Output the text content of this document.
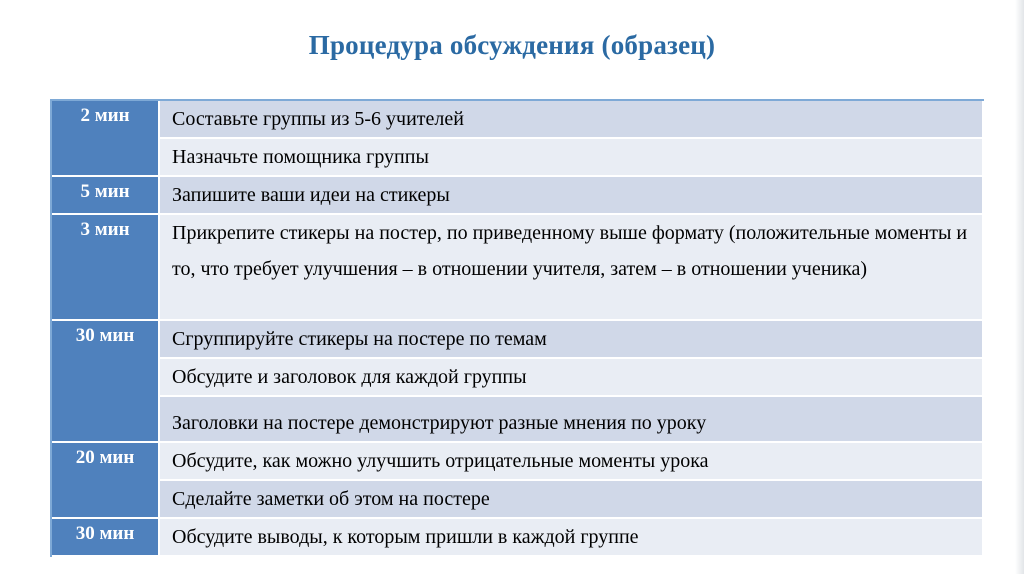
Процедура обсуждения (образец)
2 мин	Составьте группы из 5-6 учителей
	Назначьте помощника группы
5 мин	Запишите ваши идеи на стикеры
3 мин	Прикрепите стикеры на постер, по приведенному выше формату (положительные моменты и то, что требует улучшения – в отношении учителя, затем – в отношении ученика)
30 мин	Сгруппируйте стикеры на постере по темам
	Обсудите и заголовок для каждой группы
	Заголовки на постере демонстрируют разные мнения по уроку
20 мин	Обсудите, как можно улучшить отрицательные моменты урока
	Сделайте заметки об этом на постере
30 мин	Обсудите выводы, к которым пришли в каждой группе
